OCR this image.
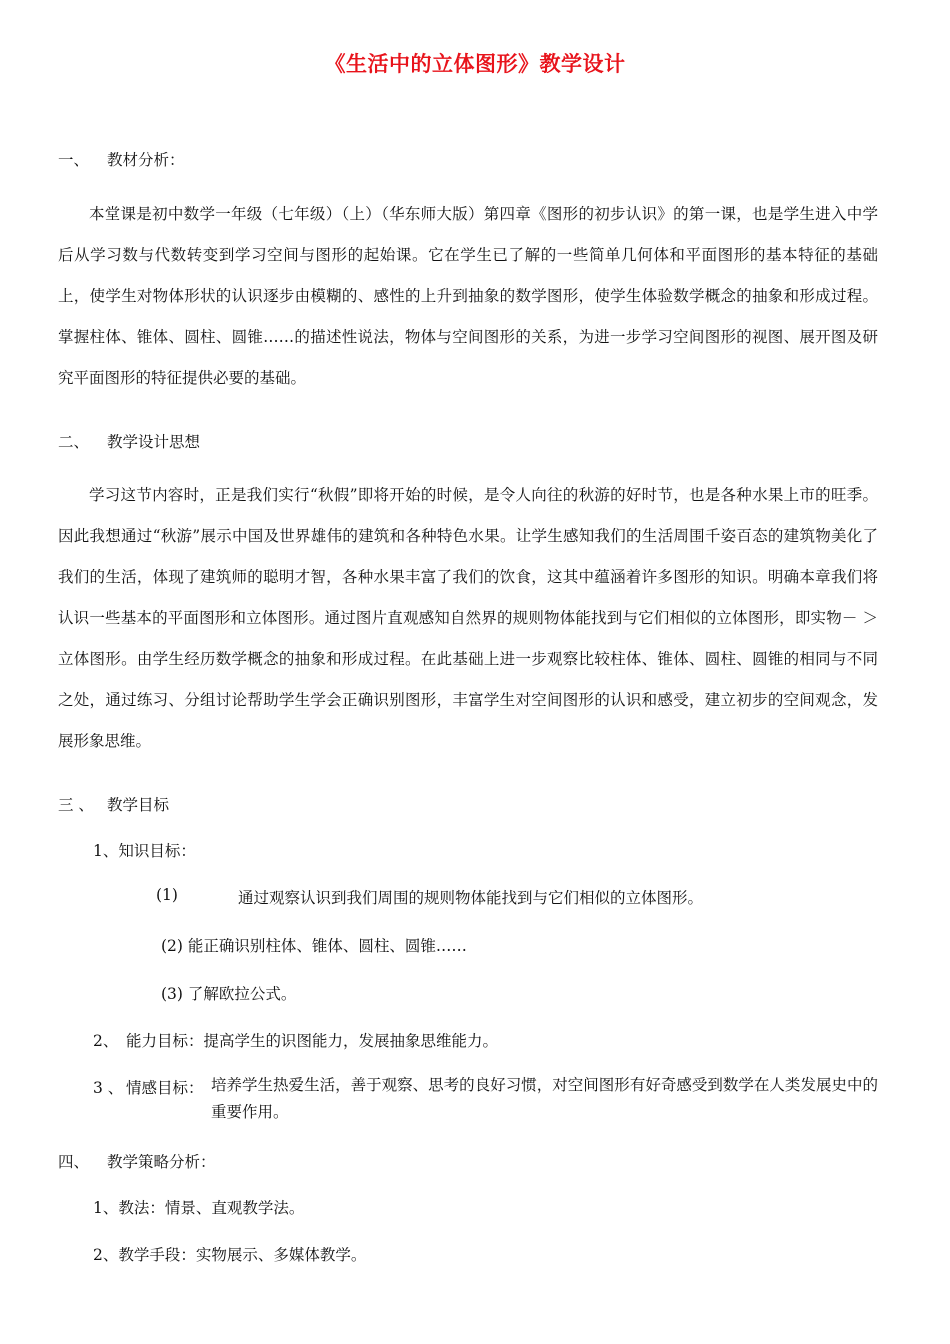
《生活中的立体图形》教学设计
一、 教材分析：
本堂课是初中数学一年级（七年级）（上）（华东师大版）第四章《图形的初步认识》的第一课，也是学生进入中学后从学习数与代数转变到学习空间与图形的起始课。它在学生已了解的一些简单几何体和平面图形的基本特征的基础上，使学生对物体形状的认识逐步由模糊的、感性的上升到抽象的数学图形，使学生体验数学概念的抽象和形成过程。掌握柱体、锥体、圆柱、圆锥……的描述性说法，物体与空间图形的关系，为进一步学习空间图形的视图、展开图及研究平面图形的特征提供必要的基础。
二、 教学设计思想
学习这节内容时，正是我们实行“秋假”即将开始的时候，是令人向往的秋游的好时节，也是各种水果上市的旺季。因此我想通过“秋游”展示中国及世界雄伟的建筑和各种特色水果。让学生感知我们的生活周围千姿百态的建筑物美化了我们的生活，体现了建筑师的聪明才智，各种水果丰富了我们的饮食，这其中蕴涵着许多图形的知识。明确本章我们将认识一些基本的平面图形和立体图形。通过图片直观感知自然界的规则物体能找到与它们相似的立体图形，即实物－ ＞ 立体图形。由学生经历数学概念的抽象和形成过程。在此基础上进一步观察比较柱体、锥体、圆柱、圆锥的相同与不同之处，通过练习、分组讨论帮助学生学会正确识别图形，丰富学生对空间图形的认识和感受，建立初步的空间观念，发展形象思维。
三 、 教学目标
1、知识目标：
(1)	通过观察认识到我们周围的规则物体能找到与它们相似的立体图形。
(2) 能正确识别柱体、锥体、圆柱、圆锥……
(3) 了解欧拉公式。
2、 能力目标：提高学生的识图能力，发展抽象思维能力。
3 、 情感目标： 培养学生热爱生活，善于观察、思考的良好习惯，对空间图形有好奇感受到数学在人类发展史中的重要作用。
四、 教学策略分析：
1、教法：情景、直观教学法。
2、教学手段：实物展示、多媒体教学。
